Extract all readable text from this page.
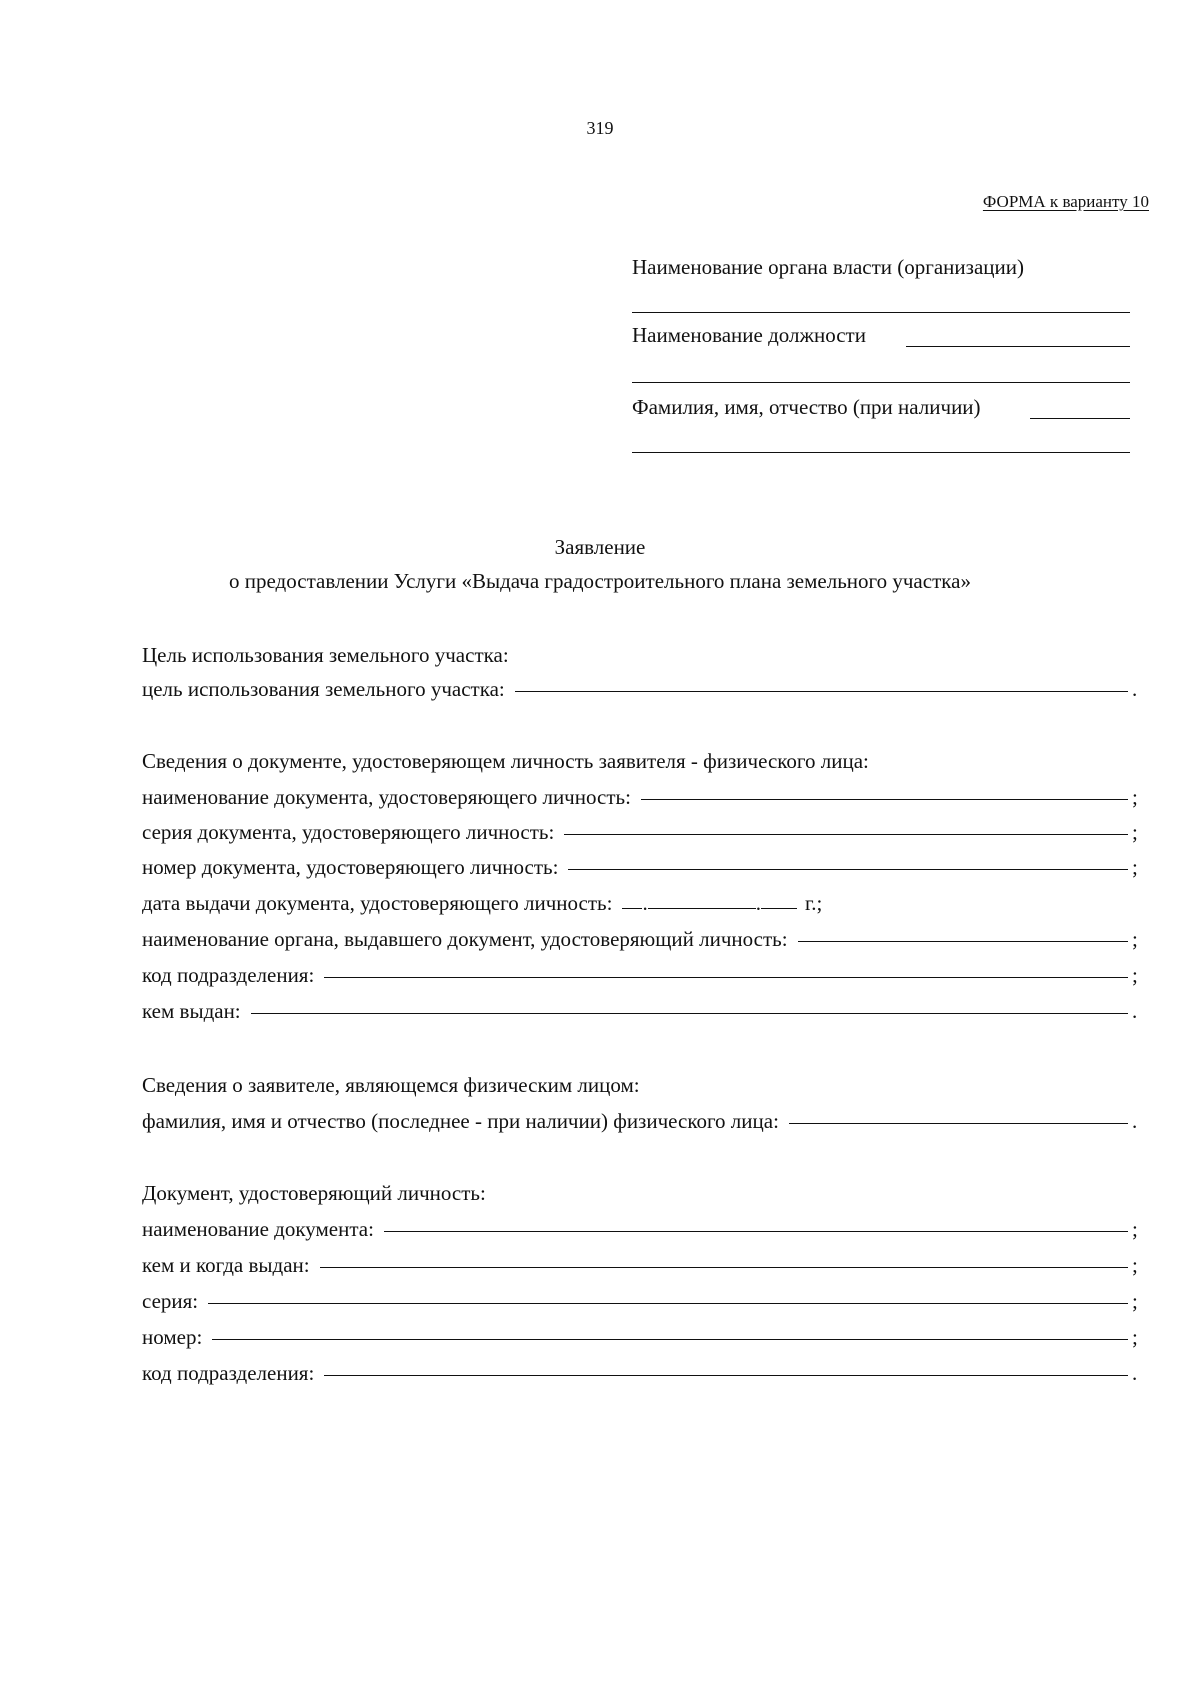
319
ФОРМА к варианту 10
Наименование органа власти (организации)
Наименование должности
Фамилия, имя, отчество (при наличии)
Заявление
о предоставлении Услуги «Выдача градостроительного плана земельного участка»
Цель использования земельного участка:
цель использования земельного участка:	.
Сведения о документе, удостоверяющем личность заявителя - физического лица:
наименование документа, удостоверяющего личность:	;
серия документа, удостоверяющего личность:	;
номер документа, удостоверяющего личность:	;
дата выдачи документа, удостоверяющего личность: .	. г.;
наименование органа, выдавшего документ, удостоверяющий личность:	;
код подразделения:	;
кем выдан:	.
Сведения о заявителе, являющемся физическим лицом:
фамилия, имя и отчество (последнее - при наличии) физического лица:	.
Документ, удостоверяющий личность:
наименование документа:	;
кем и когда выдан:	;
серия:	;
номер:	;
код подразделения:	.
